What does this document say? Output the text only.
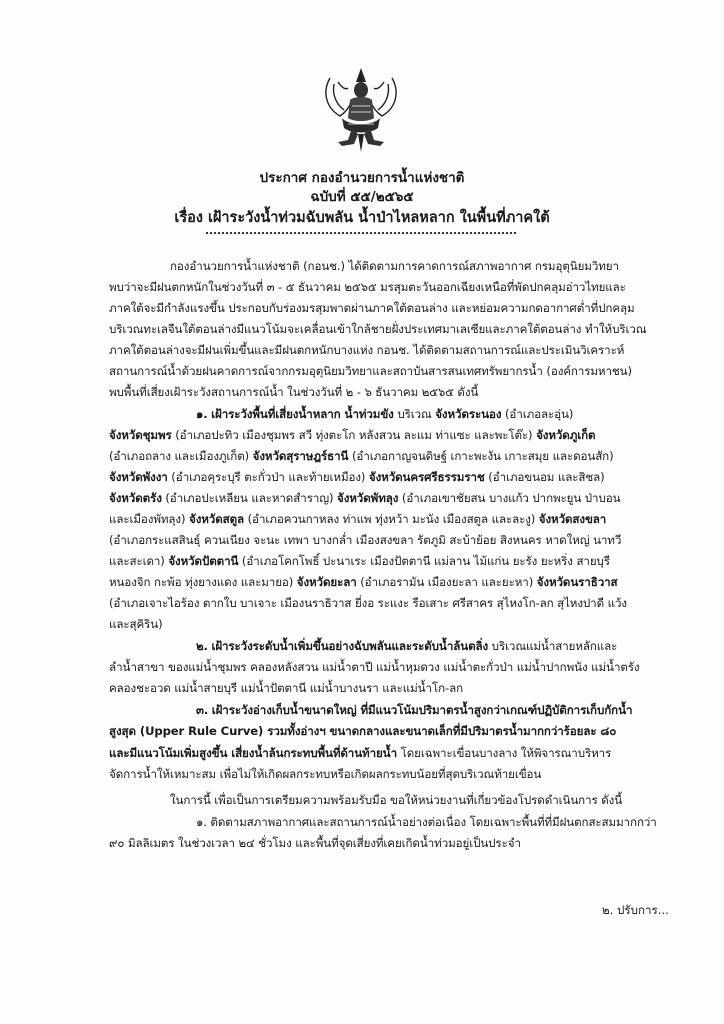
ประกาศ กองอำนวยการน้ำแห่งชาติ
ฉบับที่ ๕๕/๒๕๖๕
เรื่อง เฝ้าระวังน้ำท่วมฉับพลัน น้ำป่าไหลหลาก ในพื้นที่ภาคใต้
กองอำนวยการน้ำแห่งชาติ (กอนช.) ได้ติดตามการคาดการณ์สภาพอากาศ กรมอุตุนิยมวิทยา
พบว่าจะมีฝนตกหนักในช่วงวันที่ ๓ - ๕ ธันวาคม ๒๕๖๕ มรสุมตะวันออกเฉียงเหนือที่พัดปกคลุมอ่าวไทยและ
ภาคใต้จะมีกำลังแรงขึ้น ประกอบกับร่องมรสุมพาดผ่านภาคใต้ตอนล่าง และหย่อมความกดอากาศต่ำที่ปกคลุม
บริเวณทะเลจีนใต้ตอนล่างมีแนวโน้มจะเคลื่อนเข้าใกล้ชายฝั่งประเทศมาเลเซียและภาคใต้ตอนล่าง ทำให้บริเวณ
ภาคใต้ตอนล่างจะมีฝนเพิ่มขึ้นและมีฝนตกหนักบางแห่ง กอนช. ได้ติดตามสถานการณ์และประเมินวิเคราะห์
สถานการณ์น้ำด้วยฝนคาดการณ์จากกรมอุตุนิยมวิทยาและสถาบันสารสนเทศทรัพยากรน้ำ (องค์การมหาชน)
พบพื้นที่เสี่ยงเฝ้าระวังสถานการณ์น้ำ ในช่วงวันที่ ๒ - ๖ ธันวาคม ๒๕๖๕ ดังนี้
๑. เฝ้าระวังพื้นที่เสี่ยงน้ำหลาก น้ำท่วมขัง บริเวณ จังหวัดระนอง (อำเภอละอุ่น)
จังหวัดชุมพร (อำเภอปะทิว เมืองชุมพร สวี ทุ่งตะโก หลังสวน ละแม ท่าแซะ และพะโต๊ะ) จังหวัดภูเก็ต
(อำเภอถลาง และเมืองภูเก็ต) จังหวัดสุราษฎร์ธานี (อำเภอกาญจนดิษฐ์ เกาะพะงัน เกาะสมุย และดอนสัก)
จังหวัดพังงา (อำเภอคุระบุรี ตะกั่วป่า และท้ายเหมือง) จังหวัดนครศรีธรรมราช (อำเภอขนอม และสิชล)
จังหวัดตรัง (อำเภอปะเหลียน และหาดสำราญ) จังหวัดพัทลุง (อำเภอเขาชัยสน บางแก้ว ปากพะยูน ป่าบอน
และเมืองพัทลุง) จังหวัดสตูล (อำเภอควนกาหลง ท่าแพ ทุ่งหว้า มะนัง เมืองสตูล และละงู) จังหวัดสงขลา
(อำเภอกระแสสินธุ์ ควนเนียง จะนะ เทพา บางกล่ำ เมืองสงขลา รัตภูมิ สะบ้าย้อย สิงหนคร หาดใหญ่ นาทวี
และสะเดา) จังหวัดปัตตานี (อำเภอโคกโพธิ์ ปะนาเระ เมืองปัตตานี แม่ลาน ไม้แก่น ยะรัง ยะหริ่ง สายบุรี
หนองจิก กะพ้อ ทุ่งยางแดง และมายอ) จังหวัดยะลา (อำเภอรามัน เมืองยะลา และยะหา) จังหวัดนราธิวาส
(อำเภอเจาะไอร้อง ตากใบ บาเจาะ เมืองนราธิวาส ยี่งอ ระแงะ รือเสาะ ศรีสาคร สุไหงโก-ลก สุไหงปาดี แว้ง
และสุคิริน)
๒. เฝ้าระวังระดับน้ำเพิ่มขึ้นอย่างฉับพลันและระดับน้ำล้นตลิ่ง บริเวณแม่น้ำสายหลักและ
ลำน้ำสาขา ของแม่น้ำชุมพร คลองหลังสวน แม่น้ำตาปี แม่น้ำหุมดวง แม่น้ำตะกั่วป่า แม่น้ำปากพนัง แม่น้ำตรัง
คลองชะอวด แม่น้ำสายบุรี แม่น้ำปัตตานี แม่น้ำบางนรา และแม่น้ำโก-ลก
๓. เฝ้าระวังอ่างเก็บน้ำขนาดใหญ่ ที่มีแนวโน้มปริมาตรน้ำสูงกว่าเกณฑ์ปฏิบัติการเก็บกักน้ำ
สูงสุด (Upper Rule Curve) รวมทั้งอ่างฯ ขนาดกลางและขนาดเล็กที่มีปริมาตรน้ำมากกว่าร้อยละ ๘๐
และมีแนวโน้มเพิ่มสูงขึ้น เสี่ยงน้ำล้นกระทบพื้นที่ด้านท้ายน้ำ โดยเฉพาะเขื่อนบางลาง ให้พิจารณาบริหาร
จัดการน้ำให้เหมาะสม เพื่อไม่ให้เกิดผลกระทบหรือเกิดผลกระทบน้อยที่สุดบริเวณท้ายเขื่อน
ในการนี้ เพื่อเป็นการเตรียมความพร้อมรับมือ ขอให้หน่วยงานที่เกี่ยวข้องโปรดดำเนินการ ดังนี้
๑. ติดตามสภาพอากาศและสถานการณ์น้ำอย่างต่อเนื่อง โดยเฉพาะพื้นที่ที่มีฝนตกสะสมมากกว่า
๙๐ มิลลิเมตร ในช่วงเวลา ๒๔ ชั่วโมง และพื้นที่จุดเสี่ยงที่เคยเกิดน้ำท่วมอยู่เป็นประจำ
๒. ปรับการ...
